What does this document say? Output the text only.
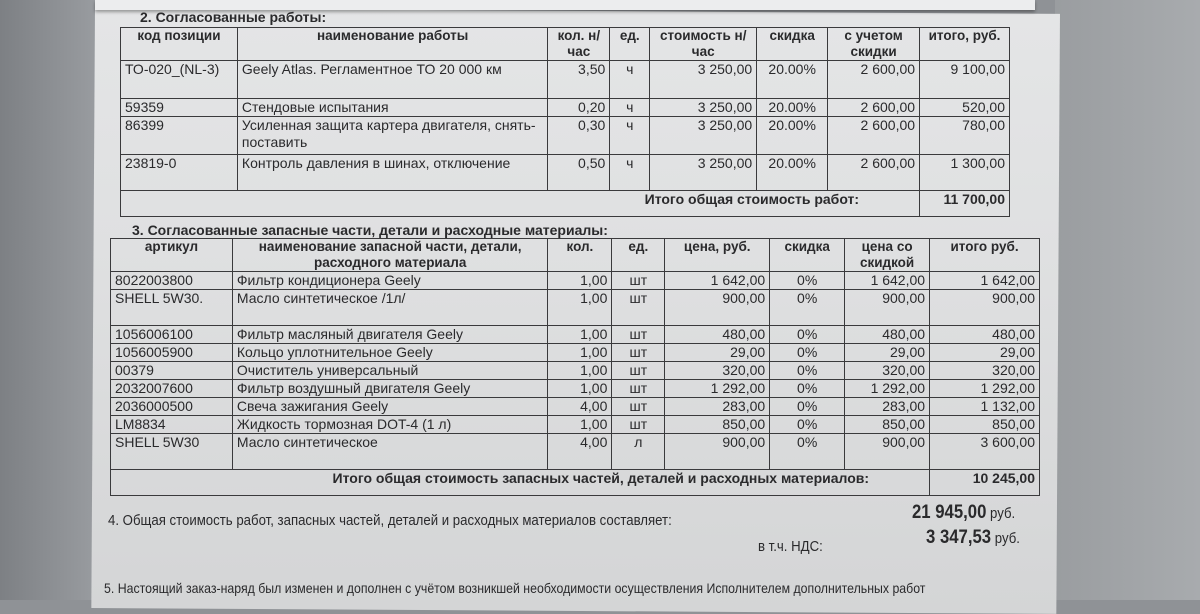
2. Согласованные работы:
код позиции	наименование работы	кол. н/час	ед.	стоимость н/час	скидка	с учетом скидки	итого, руб.
ТО-020_(NL-3)	Geely Atlas. Регламентное ТО 20 000 км	3,50	ч	3 250,00	20.00%	2 600,00	9 100,00
59359	Стендовые испытания	0,20	ч	3 250,00	20.00%	2 600,00	520,00
86399	Усиленная защита картера двигателя, снять-поставить	0,30	ч	3 250,00	20.00%	2 600,00	780,00
23819-0	Контроль давления в шинах, отключение	0,50	ч	3 250,00	20.00%	2 600,00	1 300,00
Итого общая стоимость работ:							11 700,00
3. Согласованные запасные части, детали и расходные материалы:
артикул	наименование запасной части, детали, расходного материала	кол.	ед.	цена, руб.	скидка	цена со скидкой	итого руб.
8022003800	Фильтр кондиционера Geely	1,00	шт	1 642,00	0%	1 642,00	1 642,00
SHELL 5W30.	Масло синтетическое /1л/	1,00	шт	900,00	0%	900,00	900,00
1056006100	Фильтр масляный двигателя Geely	1,00	шт	480,00	0%	480,00	480,00
1056005900	Кольцо уплотнительное Geely	1,00	шт	29,00	0%	29,00	29,00
00379	Очиститель универсальный	1,00	шт	320,00	0%	320,00	320,00
2032007600	Фильтр воздушный двигателя Geely	1,00	шт	1 292,00	0%	1 292,00	1 292,00
2036000500	Свеча зажигания Geely	4,00	шт	283,00	0%	283,00	1 132,00
LM8834	Жидкость тормозная DOT-4 (1 л)	1,00	шт	850,00	0%	850,00	850,00
SHELL 5W30	Масло синтетическое	4,00	л	900,00	0%	900,00	3 600,00
Итого общая стоимость запасных частей, деталей и расходных материалов:							10 245,00
4. Общая стоимость работ, запасных частей, деталей и расходных материалов составляет:	21 945,00 руб.
в т.ч. НДС:	3 347,53 руб.
5. Настоящий заказ-наряд был изменен и дополнен с учётом возникшей необходимости осуществления Исполнителем дополнительных работ
